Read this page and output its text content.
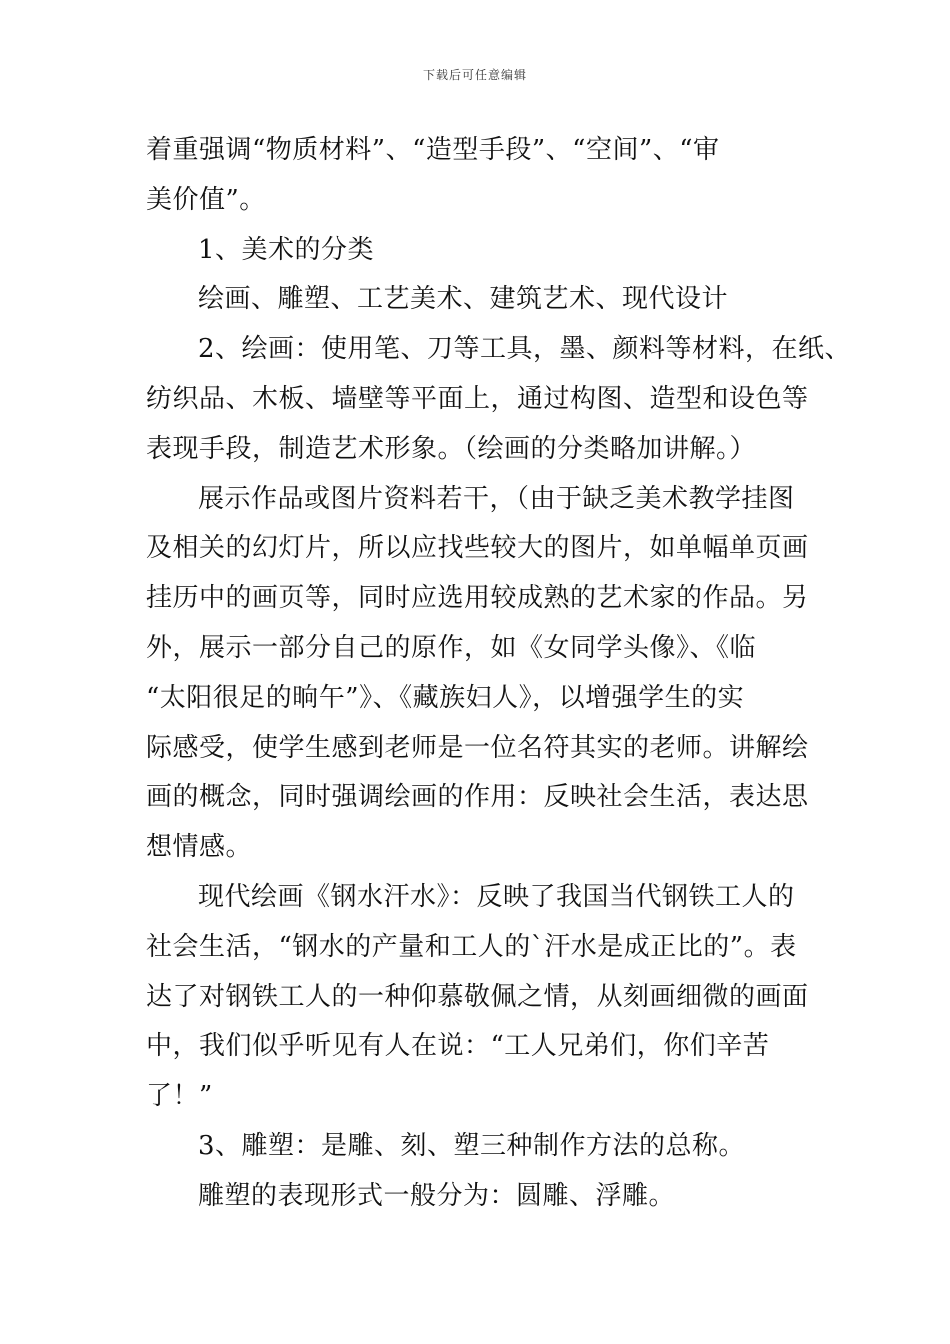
下载后可任意编辑
着重强调“物质材料”、“造型手段”、“空间”、“审
美价值”。
1、美术的分类
绘画、雕塑、工艺美术、建筑艺术、现代设计
2、绘画：使用笔、刀等工具，墨、颜料等材料，在纸、
纺织品、木板、墙壁等平面上，通过构图、造型和设色等
表现手段，制造艺术形象。（绘画的分类略加讲解。）
展示作品或图片资料若干，（由于缺乏美术教学挂图
及相关的幻灯片，所以应找些较大的图片，如单幅单页画
挂历中的画页等，同时应选用较成熟的艺术家的作品。另
外，展示一部分自己的原作，如《女同学头像》、《临
“太阳很足的晌午”》、《藏族妇人》，以增强学生的实
际感受，使学生感到老师是一位名符其实的老师。讲解绘
画的概念，同时强调绘画的作用：反映社会生活，表达思
想情感。
现代绘画《钢水汗水》：反映了我国当代钢铁工人的
社会生活，“钢水的产量和工人的`汗水是成正比的”。表
达了对钢铁工人的一种仰慕敬佩之情，从刻画细微的画面
中，我们似乎听见有人在说：“工人兄弟们，你们辛苦
了！”
3、雕塑：是雕、刻、塑三种制作方法的总称。
雕塑的表现形式一般分为：圆雕、浮雕。
